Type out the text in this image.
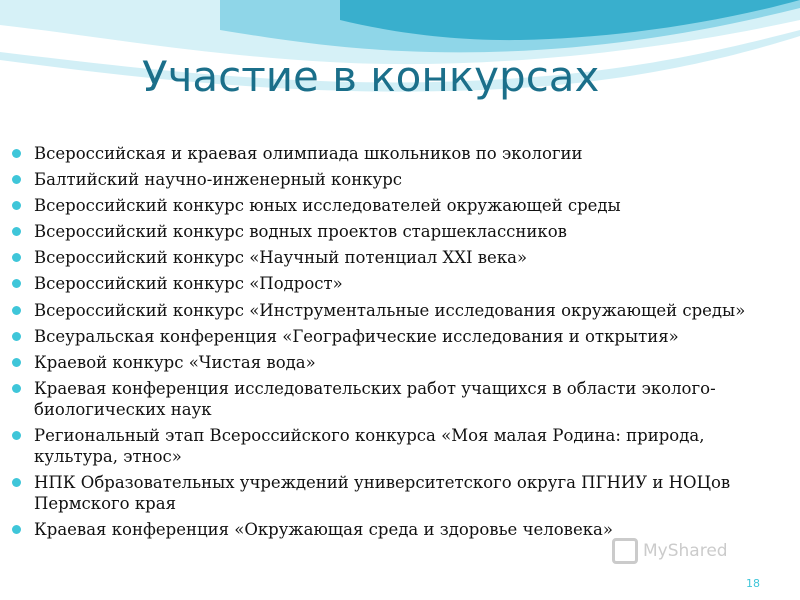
Участие в конкурсах
Всероссийская и краевая олимпиада школьников по экологии
Балтийский научно-инженерный конкурс
Всероссийский конкурс юных исследователей окружающей среды
Всероссийский конкурс водных проектов старшеклассников
Всероссийский конкурс «Научный потенциал XXI века»
Всероссийский конкурс «Подрост»
Всероссийский конкурс «Инструментальные исследования окружающей среды»
Всеуральская конференция «Географические исследования и открытия»
Краевой конкурс «Чистая вода»
Краевая конференция исследовательских работ учащихся в области эколого-биологических наук
Региональный этап Всероссийского конкурса «Моя малая Родина: природа, культура, этнос»
НПК Образовательных учреждений университетского округа ПГНИУ и НОЦов Пермского края
Краевая конференция «Окружающая среда и здоровье человека»
MyShared
18
